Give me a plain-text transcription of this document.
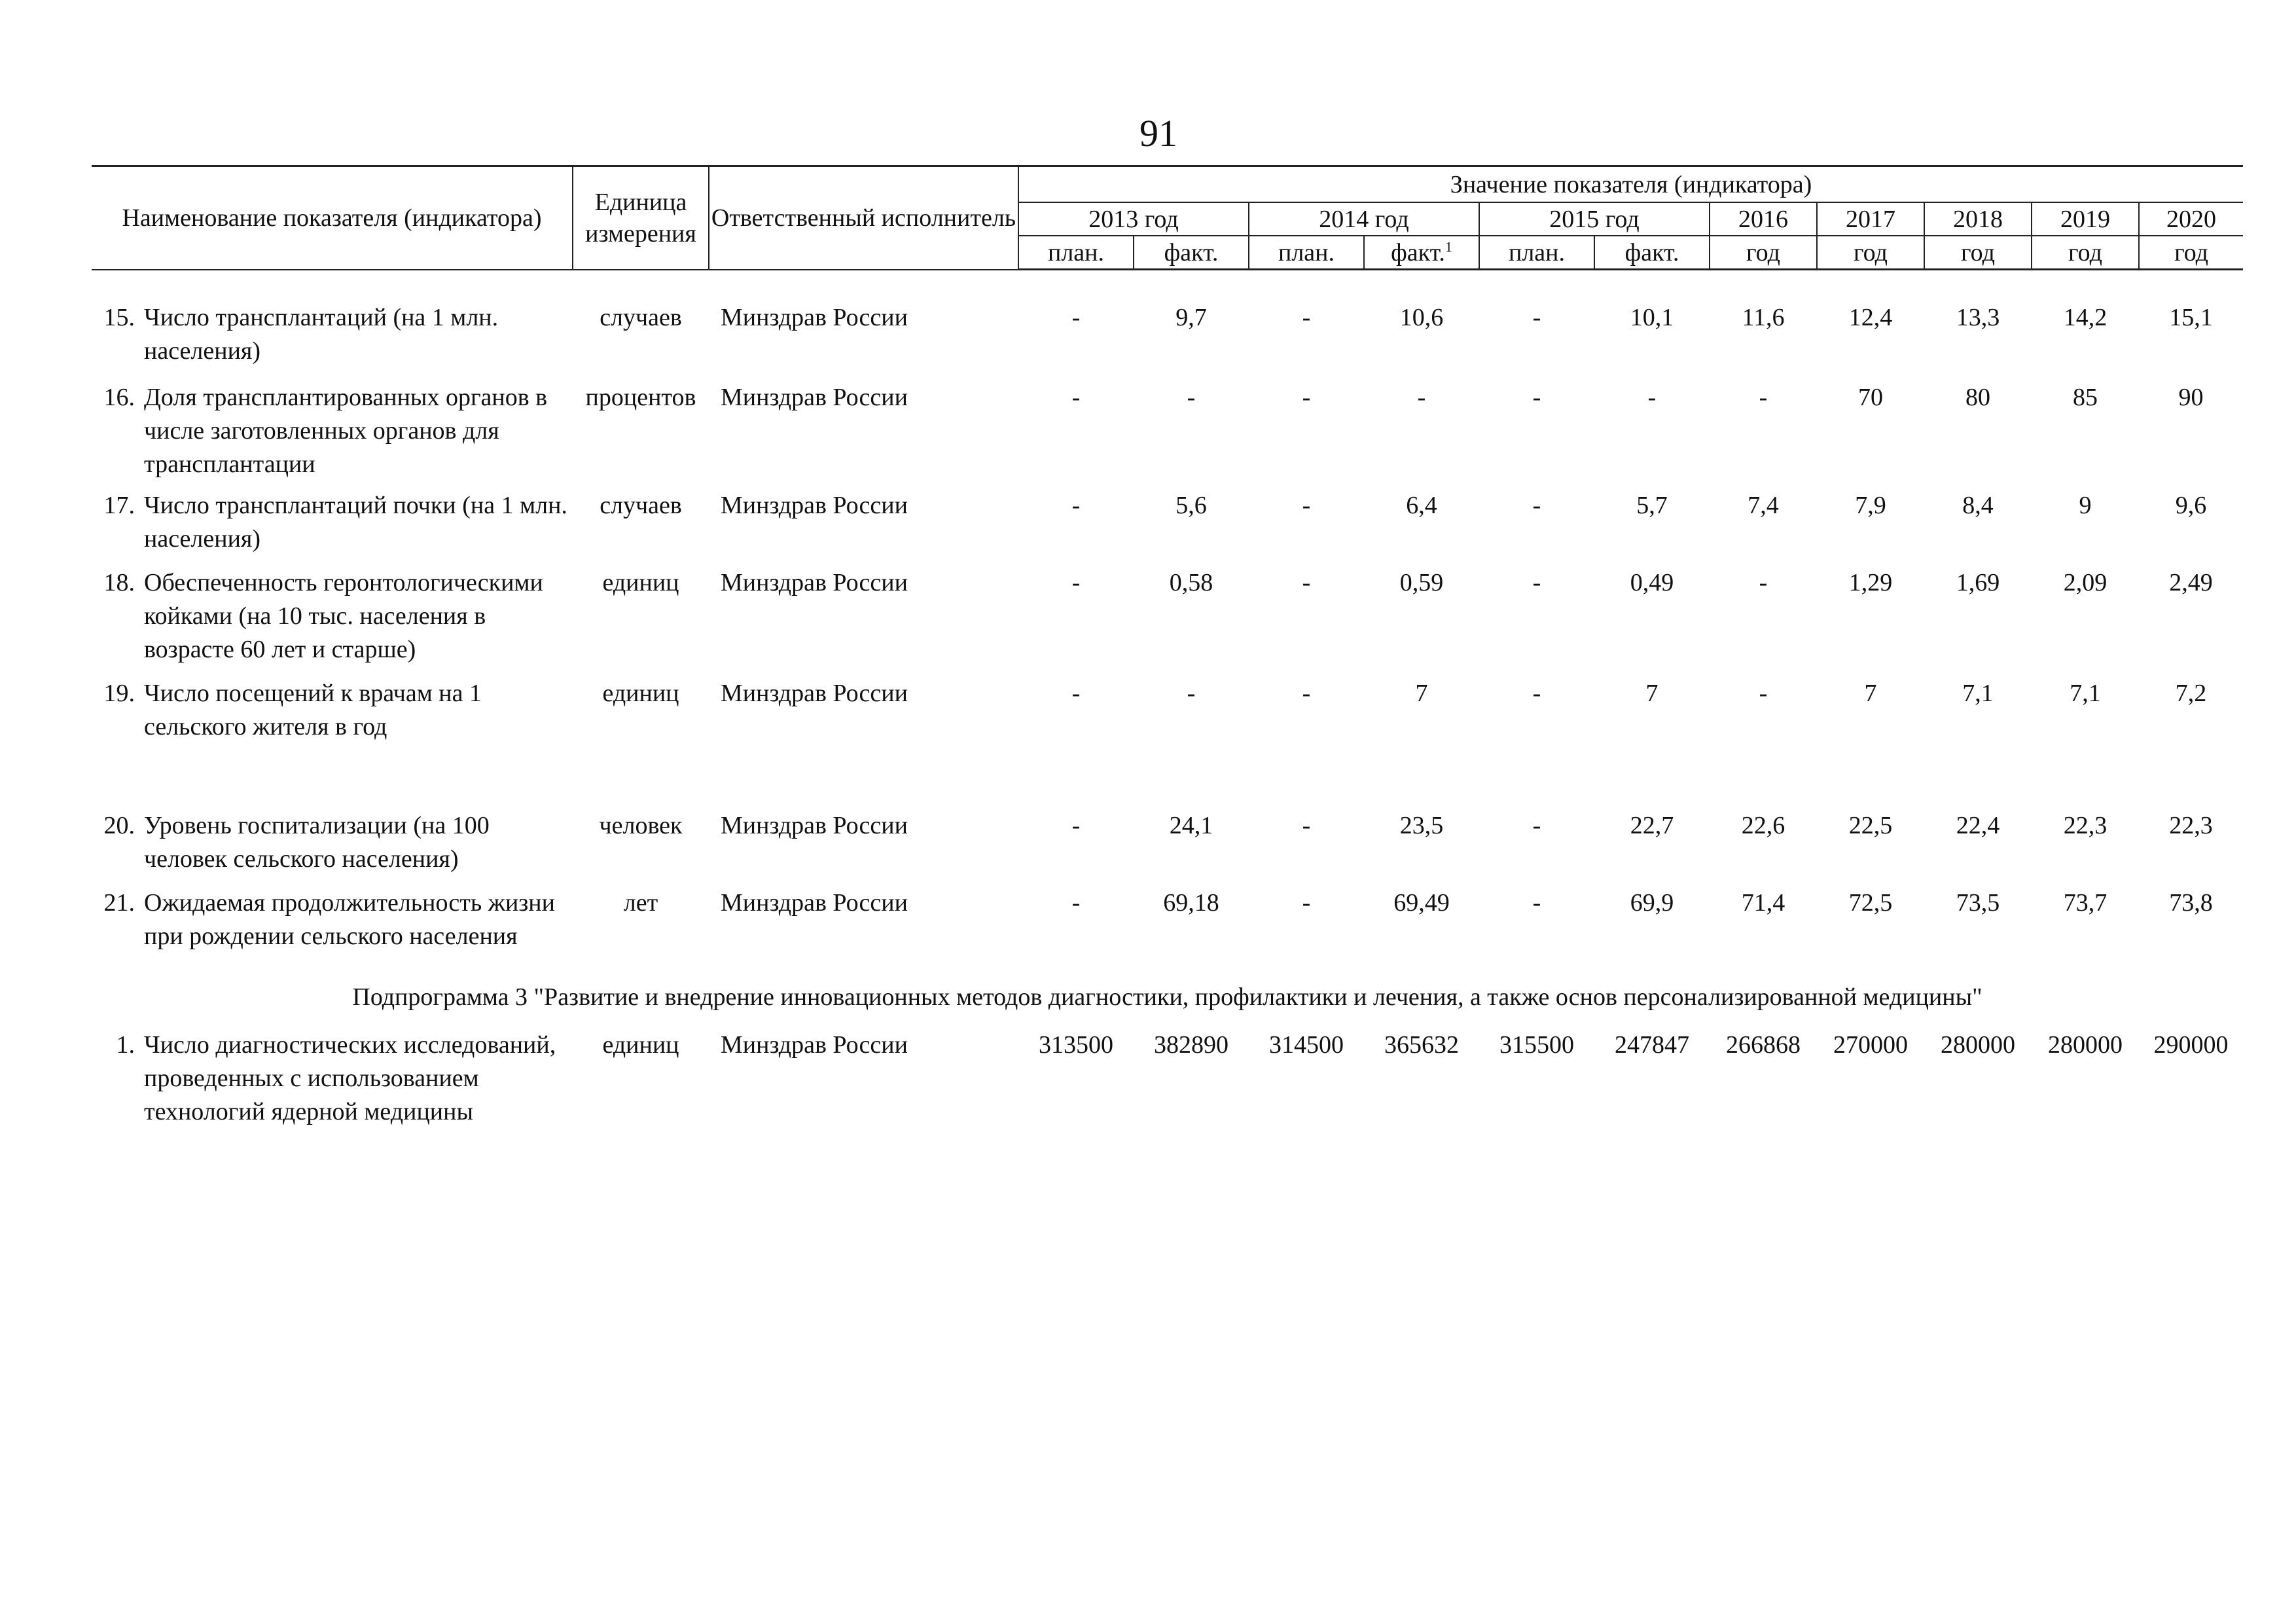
91
Наименование показателя (индикатора)	Единица измерения	Ответственный исполнитель	Значение показателя (индикатора)										
			2013 год		2014 год		2015 год		2016	2017	2018	2019	2020
			план.	факт.	план.	факт.$^1$	план.	факт.	год	год	год	год	год
15.	Число трансплантаций (на 1 млн. населения)	случаев	Минздрав России	-	9,7	-	10,6	-	10,1	11,6	12,4	13,3	14,2	15,1
16.	Доля трансплантированных органов в числе заготовленных органов для трансплантации	процентов	Минздрав России	-	-	-	-	-	-	-	70	80	85	90
17.	Число трансплантаций почки (на 1 млн. населения)	случаев	Минздрав России	-	5,6	-	6,4	-	5,7	7,4	7,9	8,4	9	9,6
18.	Обеспеченность геронтологическими койками (на 10 тыс. населения в возрасте 60 лет и старше)	единиц	Минздрав России	-	0,58	-	0,59	-	0,49	-	1,29	1,69	2,09	2,49
19.	Число посещений к врачам на 1 сельского жителя в год	единиц	Минздрав России	-	-	-	7	-	7	-	7	7,1	7,1	7,2
20.	Уровень госпитализации (на 100 человек сельского населения)	человек	Минздрав России	-	24,1	-	23,5	-	22,7	22,6	22,5	22,4	22,3	22,3
21.	Ожидаемая продолжительность жизни при рождении сельского населения	лет	Минздрав России	-	69,18	-	69,49	-	69,9	71,4	72,5	73,5	73,7	73,8
Подпрограмма 3 "Развитие и внедрение инновационных методов диагностики, профилактики и лечения, а также основ персонализированной медицины"														
1.	Число диагностических исследований, проведенных с использованием технологий ядерной медицины	единиц	Минздрав России	313500	382890	314500	365632	315500	247847	266868	270000	280000	280000	290000
